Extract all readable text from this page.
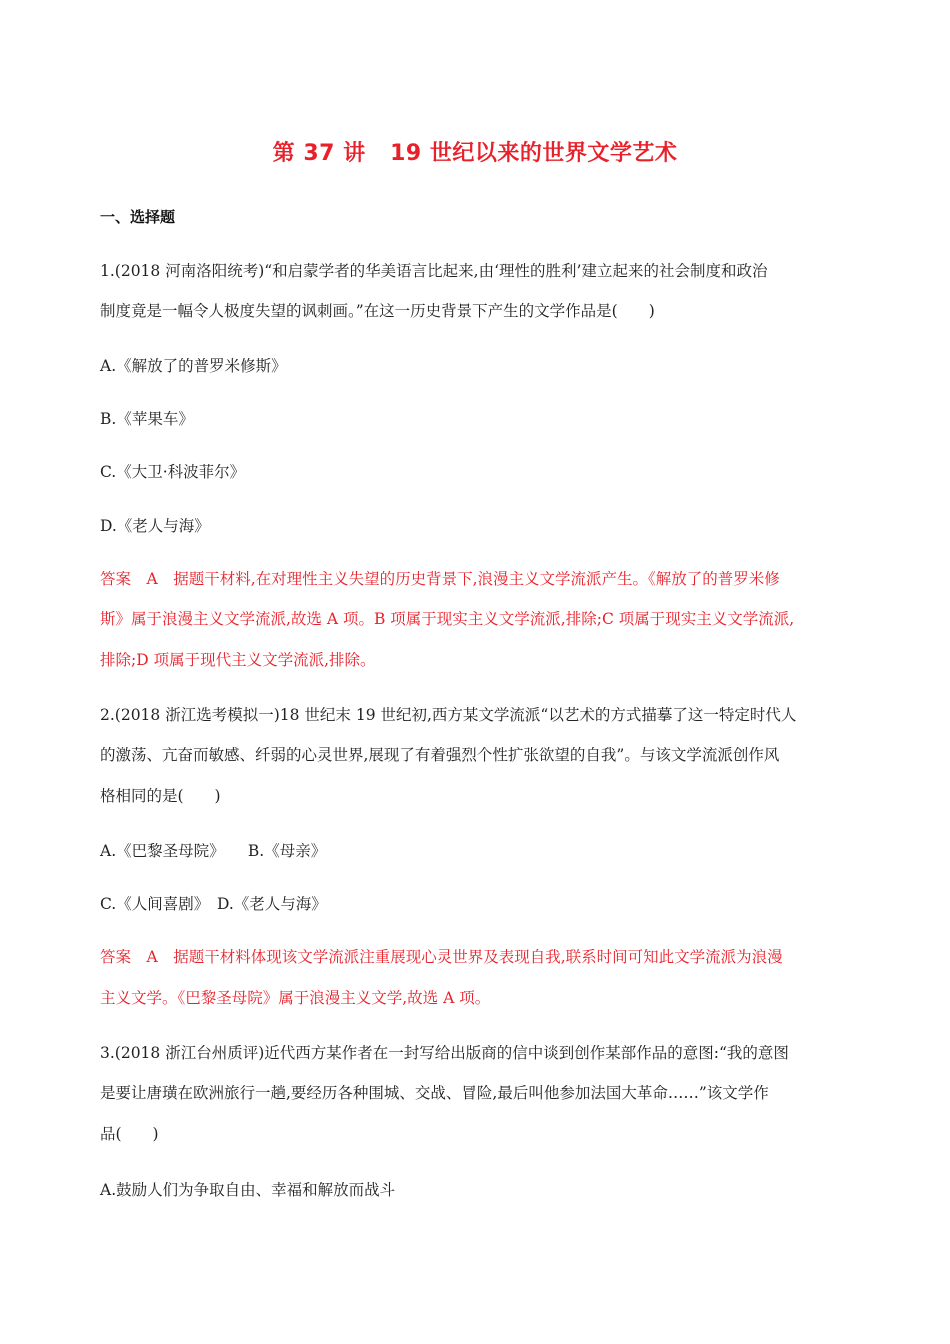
第 37 讲   19 世纪以来的世界文学艺术
一、选择题
1.(2018 河南洛阳统考)“和启蒙学者的华美语言比起来,由‘理性的胜利’建立起来的社会制度和政治
制度竟是一幅令人极度失望的讽刺画。”在这一历史背景下产生的文学作品是(　　)
A.《解放了的普罗米修斯》
B.《苹果车》
C.《大卫·科波菲尔》
D.《老人与海》
答案　A　据题干材料,在对理性主义失望的历史背景下,浪漫主义文学流派产生。《解放了的普罗米修
斯》属于浪漫主义文学流派,故选 A 项。B 项属于现实主义文学流派,排除;C 项属于现实主义文学流派,
排除;D 项属于现代主义文学流派,排除。
2.(2018 浙江选考模拟一)18 世纪末 19 世纪初,西方某文学流派“以艺术的方式描摹了这一特定时代人
的激荡、亢奋而敏感、纤弱的心灵世界,展现了有着强烈个性扩张欲望的自我”。与该文学流派创作风
格相同的是(　　)
A.《巴黎圣母院》　　B.《母亲》
C.《人间喜剧》　D.《老人与海》
答案　A　据题干材料体现该文学流派注重展现心灵世界及表现自我,联系时间可知此文学流派为浪漫
主义文学。《巴黎圣母院》属于浪漫主义文学,故选 A 项。
3.(2018 浙江台州质评)近代西方某作者在一封写给出版商的信中谈到创作某部作品的意图:“我的意图
是要让唐璜在欧洲旅行一趟,要经历各种围城、交战、冒险,最后叫他参加法国大革命……”该文学作
品(　　)
A.鼓励人们为争取自由、幸福和解放而战斗
